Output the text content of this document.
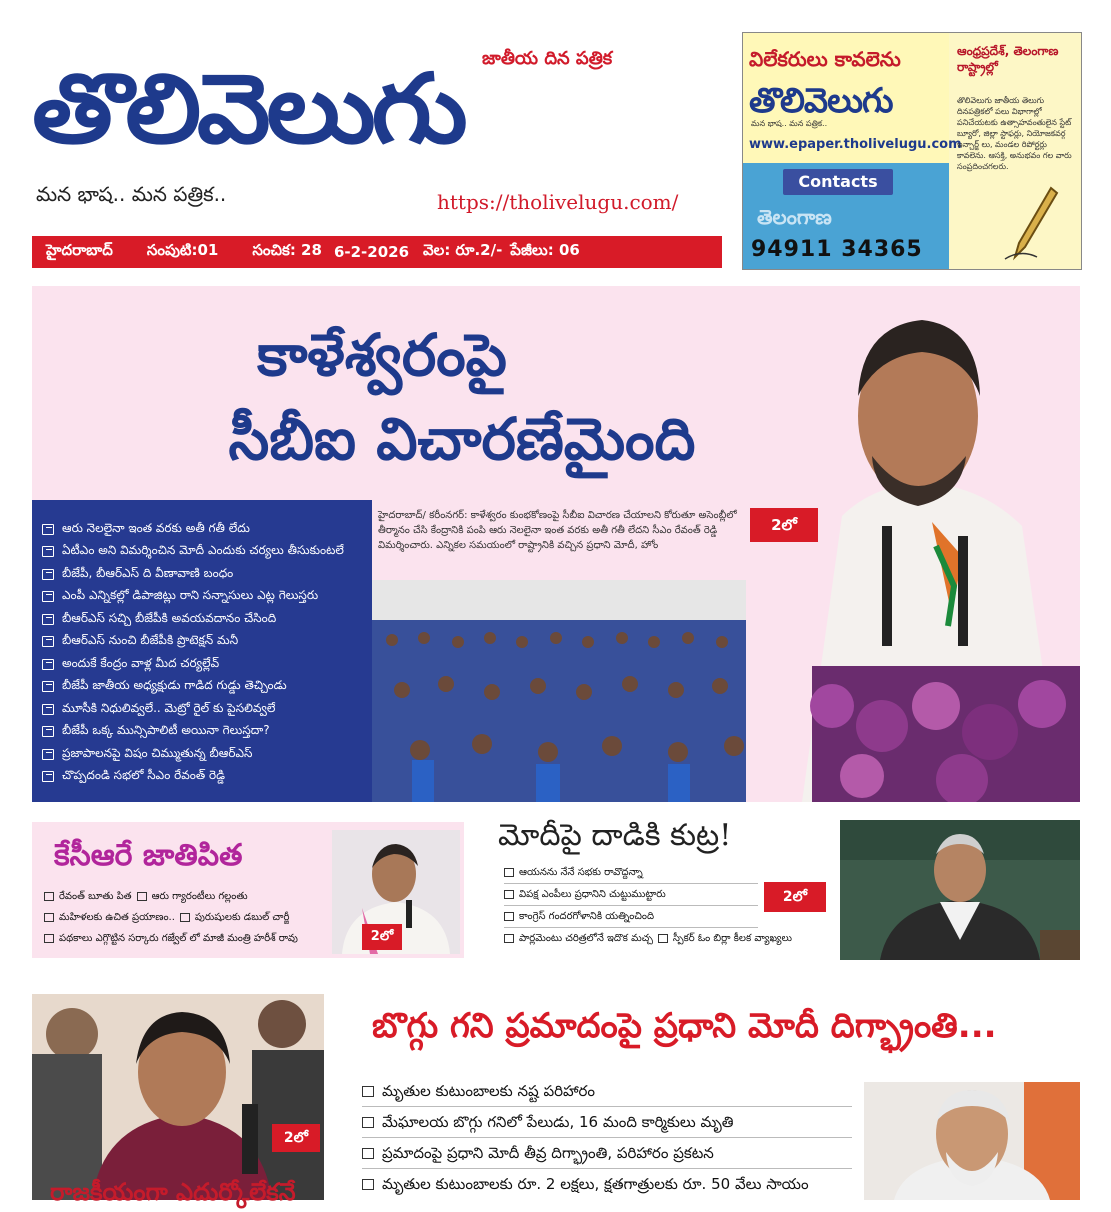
తొలివెలుగు జాతీయ దిన పత్రిక
మన భాష.. మన పత్రిక..	https://tholivelugu.com/
హైదరాబాద్ సంపుటి:01 సంచిక: 28 6-2-2026 వెల: రూ.2/- పేజీలు: 06
విలేకరులు కావలెను
తొలివెలుగు
మన భాష.. మన పత్రిక..
www.epaper.tholivelugu.com
Contacts
తెలంగాణ
94911 34365
ఆంధ్రప్రదేశ్, తెలంగాణ రాష్ట్రాల్లో
తొలివెలుగు జాతీయ తెలుగు దినపత్రికలో పలు విభాగాల్లో పనిచేయటకు ఉత్సాహవంతులైన స్టేట్ బ్యూరో, జిల్లా స్టాఫర్లు, నియోజకవర్గ ఇన్చార్జ్ లు, మండల రిపోర్టర్లు కావలెను. ఆసక్తి, అనుభవం గల వారు సంప్రదించగలరు.
కాళేశ్వరంపై
సీబీఐ విచారణేమైంది
హైదరాబాద్/ కరీంనగర్: కాళేశ్వరం కుంభకోణంపై సీబీఐ విచారణ చేయాలని కోరుతూ అసెంబ్లీలో తీర్మానం చేసి కేంద్రానికి పంపి ఆరు నెలలైనా ఇంత వరకు అతీ గతీ లేదని సీఎం రేవంత్ రెడ్డి విమర్శించారు. ఎన్నికల సమయంలో రాష్ట్రానికి వచ్చిన ప్రధాని మోదీ, హోం
2లో
ఆరు నెలలైనా ఇంత వరకు అతీ గతీ లేదు
ఏటీఎం అని విమర్శించిన మోదీ ఎందుకు చర్యలు తీసుకుంటలే
బీజేపీ, బీఆర్ఎస్ ది వీణావాణి బంధం
ఎంపీ ఎన్నికల్లో డిపాజిట్లు రాని సన్నాసులు ఎట్ల గెలుస్తరు
బీఆర్ఎస్ సచ్చి బీజేపీకి అవయవదానం చేసింది
బీఆర్ఎస్ నుంచి బీజేపీకి ప్రొటెక్షన్ మనీ
అందుకే కేంద్రం వాళ్ల మీద చర్యల్లేవ్
బీజేపీ జాతీయ అధ్యక్షుడు గాడిద గుడ్డు తెచ్చిండు
మూసీకి నిధులివ్వలే.. మెట్రో రైల్ కు పైసలివ్వలే
బీజేపీ ఒక్క మున్సిపాలిటీ అయినా గెలుస్తదా?
ప్రజాపాలనపై విషం చిమ్ముతున్న బీఆర్ఎస్
చొప్పదండి సభలో సీఎం రేవంత్ రెడ్డి
కేసీఆరే జాతిపిత
రేవంత్ బూతు పిత ఆరు గ్యారంటీలు గల్లంతు
మహిళలకు ఉచిత ప్రయాణం.. పురుషులకు డబుల్ చార్జీ
పథకాలు ఎగ్గొట్టిన సర్కారు గజ్వేల్ లో మాజీ మంత్రి హరీశ్ రావు	2లో
మోదీపై దాడికి కుట్ర!
ఆయనను నేనే సభకు రావొద్దన్నా
విపక్ష ఎంపీలు ప్రధానిని చుట్టుముట్టారు
కాంగ్రెస్ గందరగోళానికి యత్నించింది
పార్లమెంటు చరిత్రలోనే ఇదొక మచ్చ స్పీకర్ ఓం బిర్లా కీలక వ్యాఖ్యలు
2లో
2లో
రాజకీయంగా ఎదుర్కోలేకనే
బొగ్గు గని ప్రమాదంపై ప్రధాని మోదీ దిగ్భ్రాంతి...
మృతుల కుటుంబాలకు నష్ట పరిహారం
మేఘాలయ బొగ్గు గనిలో పేలుడు, 16 మంది కార్మికులు మృతి
ప్రమాదంపై ప్రధాని మోదీ తీవ్ర దిగ్భ్రాంతి, పరిహారం ప్రకటన
మృతుల కుటుంబాలకు రూ. 2 లక్షలు, క్షతగాత్రులకు రూ. 50 వేలు సాయం
